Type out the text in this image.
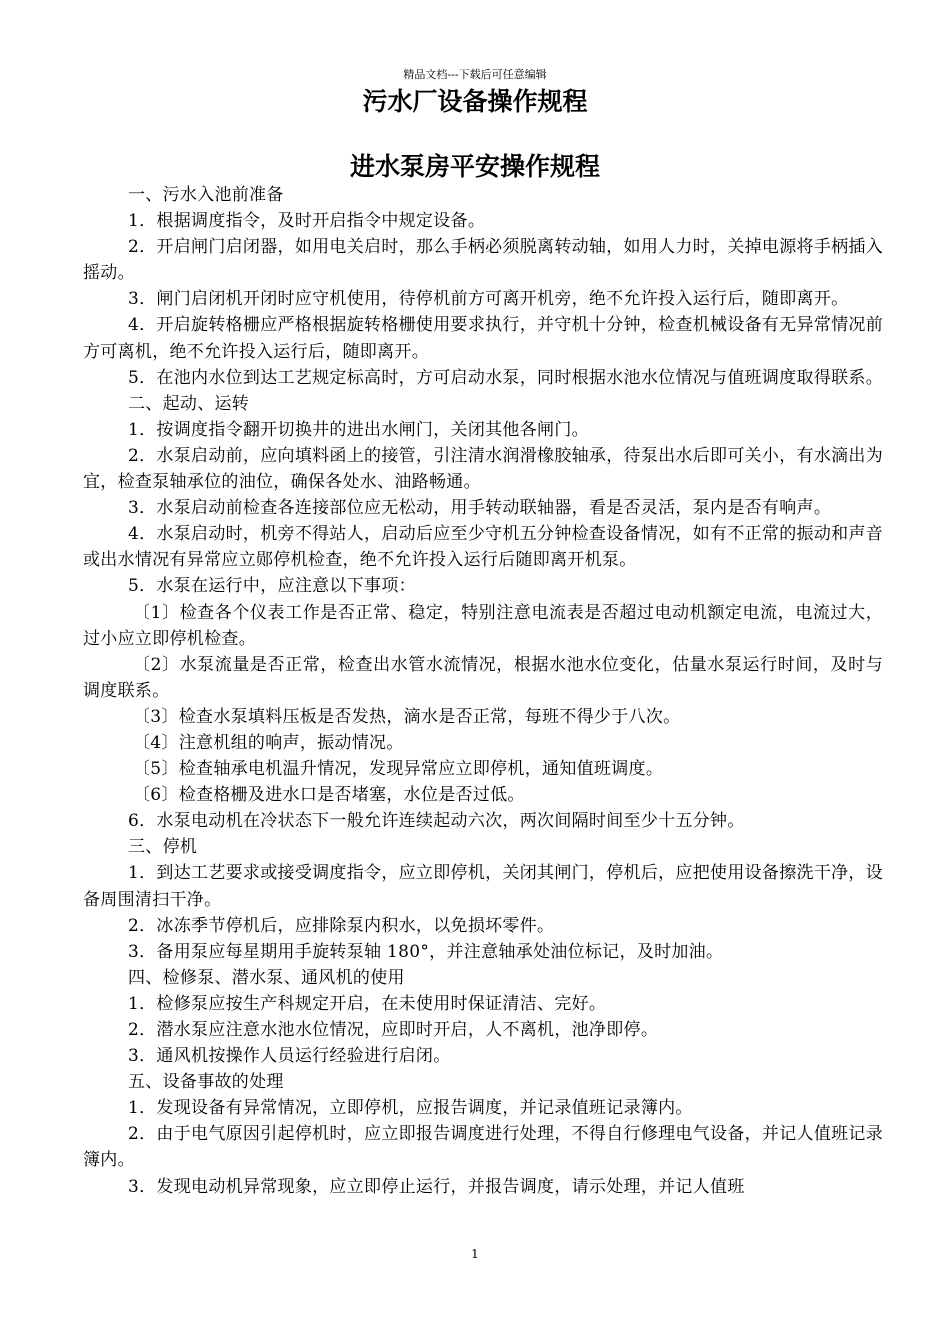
精品文档---下载后可任意编辑
污水厂设备操作规程
进水泵房平安操作规程

一、污水入池前准备

1．根据调度指令，及时开启指令中规定设备。

2．开启闸门启闭器，如用电关启时，那么手柄必须脱离转动轴，如用人力时，关掉电源将手柄插入摇动。

3．闸门启闭机开闭时应守机使用，待停机前方可离开机旁，绝不允许投入运行后，随即离开。

4．开启旋转格栅应严格根据旋转格栅使用要求执行，并守机十分钟，检查机械设备有无异常情况前方可离机，绝不允许投入运行后，随即离开。

5．在池内水位到达工艺规定标高时，方可启动水泵，同时根据水池水位情况与值班调度取得联系。

二、起动、运转

1．按调度指令翻开切换井的进出水闸门，关闭其他各闸门。

2．水泵启动前，应向填料函上的接管，引注清水润滑橡胶轴承，待泵出水后即可关小，有水滴出为宜，检查泵轴承位的油位，确保各处水、油路畅通。

3．水泵启动前检查各连接部位应无松动，用手转动联轴器，看是否灵活，泵内是否有响声。

4．水泵启动时，机旁不得站人，启动后应至少守机五分钟检查设备情况，如有不正常的振动和声音或出水情况有异常应立郧停机检查，绝不允许投入运行后随即离开机泵。

5．水泵在运行中，应注意以下事项：

〔1〕检查各个仪表工作是否正常、稳定，特别注意电流表是否超过电动机额定电流，电流过大，过小应立即停机检查。

〔2〕水泵流量是否正常，检查出水管水流情况，根据水池水位变化，估量水泵运行时间，及时与调度联系。

〔3〕检查水泵填料压板是否发热，滴水是否正常，每班不得少于八次。

〔4〕注意机组的响声，振动情况。

〔5〕检查轴承电机温升情况，发现异常应立即停机，通知值班调度。

〔6〕检查格栅及进水口是否堵塞，水位是否过低。

6．水泵电动机在冷状态下一般允许连续起动六次，两次间隔时间至少十五分钟。

三、停机

1．到达工艺要求或接受调度指令，应立即停机，关闭其闸门，停机后，应把使用设备擦洗干净，设备周围清扫干净。

2．冰冻季节停机后，应排除泵内积水，以免损坏零件。

3．备用泵应每星期用手旋转泵轴 180°，并注意轴承处油位标记，及时加油。

四、检修泵、潜水泵、通风机的使用

1．检修泵应按生产科规定开启，在未使用时保证清洁、完好。

2．潜水泵应注意水池水位情况，应即时开启，人不离机，池净即停。

3．通风机按操作人员运行经验进行启闭。

五、设备事故的处理

1．发现设备有异常情况，立即停机，应报告调度，并记录值班记录簿内。

2．由于电气原因引起停机时，应立即报告调度进行处理，不得自行修理电气设备，并记人值班记录簿内。

3．发现电动机异常现象，应立即停止运行，并报告调度，请示处理，并记人值班

1
